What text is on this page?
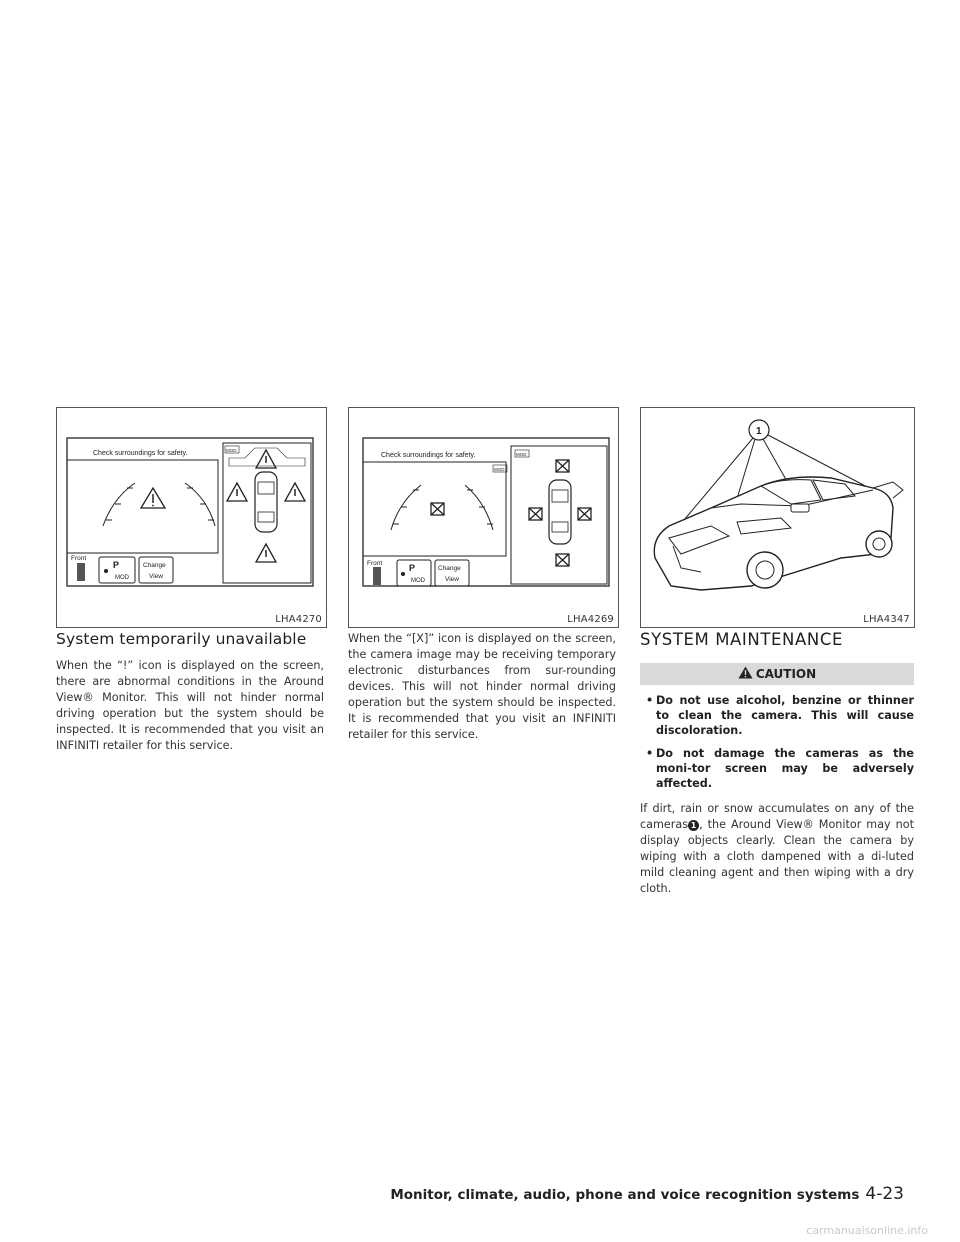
Check surroundings for safety.
Front
P
MOD
Change
View
MOD
LHA4270
Check surroundings for safety.
Front	P
MOD
Change
View
MOD
MOD
LHA4269
1
LHA4347
System temporarily unavailable

When the “!” icon is displayed on the screen, there are abnormal conditions in the Around View® Monitor. This will not hinder normal driving operation but the system should be inspected. It is recommended that you visit an INFINITI retailer for this service.

When the “[X]” icon is displayed on the screen, the camera image may be receiving temporary electronic disturbances from sur-rounding devices. This will not hinder normal driving operation but the system should be inspected. It is recommended that you visit an INFINITI retailer for this service.

SYSTEM MAINTENANCE
CAUTION
• Do not use alcohol, benzine or thinner to clean the camera. This will cause discoloration.
• Do not damage the cameras as the moni-tor screen may be adversely affected.

If dirt, rain or snow accumulates on any of the cameras 1 , the Around View® Monitor may not display objects clearly. Clean the camera by wiping with a cloth dampened with a di-luted mild cleaning agent and then wiping with a dry cloth.

Monitor, climate, audio, phone and voice recognition systems 4-23
carmanualsonline.info
